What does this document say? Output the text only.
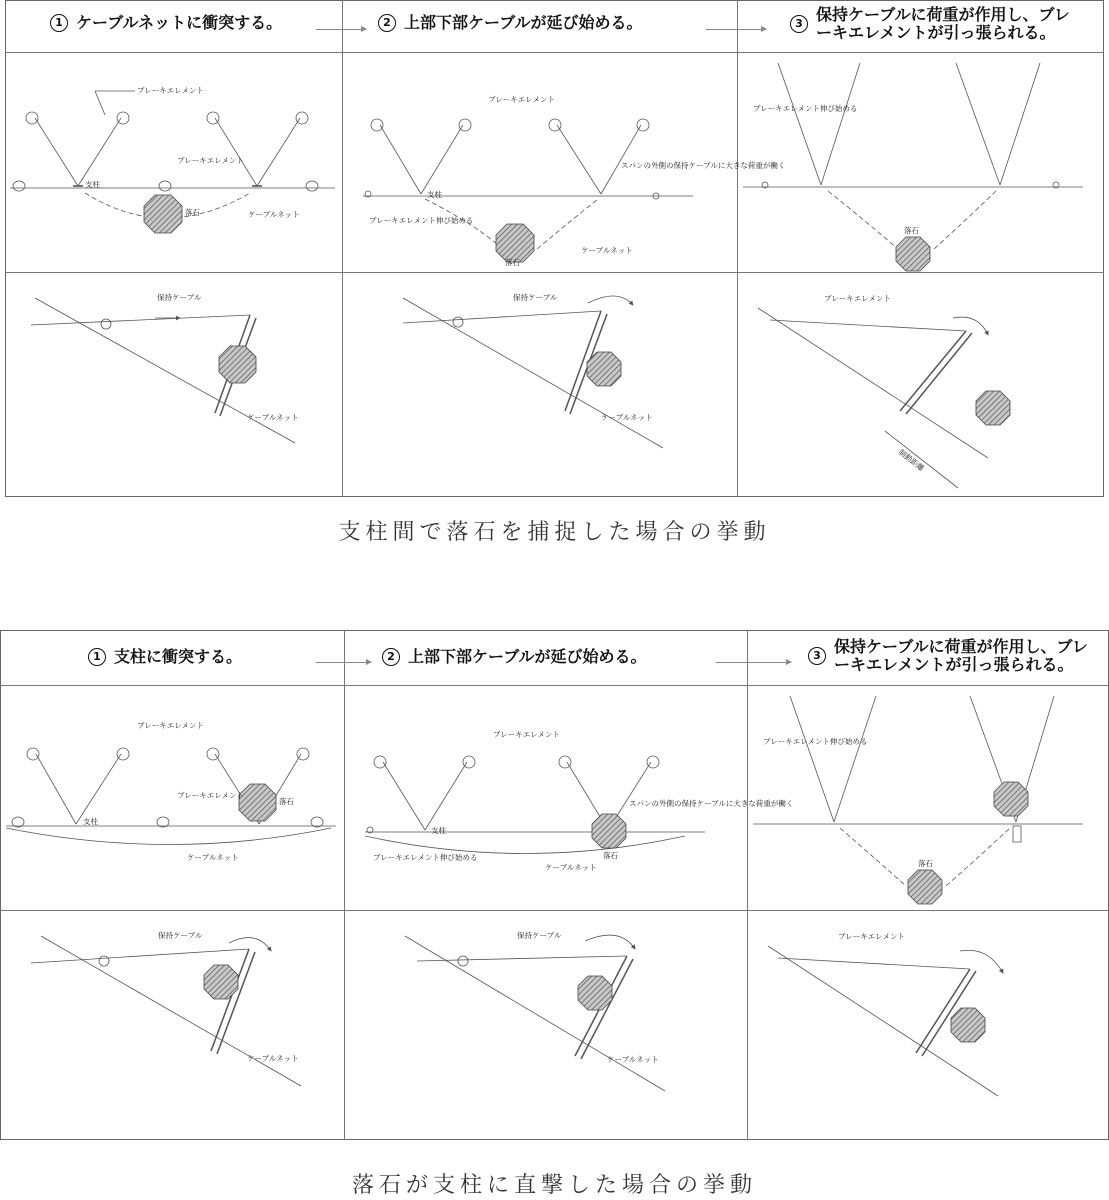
1 ケーブルネットに衝突する。	2 上部下部ケーブルが延び始める。	3 保持ケーブルに荷重が作用し、ブレーキエレメントが引っ張られる。
ブレーキエレメント
ブレーキエレメント
支柱
落石	ケーブルネット
ブレーキエレメント
スパンの外側の保持ケーブルに大きな荷重が働く
支柱
ブレーキエレメント伸び始める
落石
ケーブルネット
ブレーキエレメント伸び始める
落石
保持ケーブル
ケーブルネット
保持ケーブル
ケーブルネット
ブレーキエレメント
制動距離
支柱間で落石を捕捉した場合の挙動
1 支柱に衝突する。	2 上部下部ケーブルが延び始める。	3 保持ケーブルに荷重が作用し、ブレーキエレメントが引っ張られる。
ブレーキエレメント
ブレーキエレメント
支柱
落石
ケーブルネット
ブレーキエレメント
スパンの外側の保持ケーブルに大きな荷重が働く
支柱
ブレーキエレメント伸び始める	落石
ケーブルネット
ブレーキエレメント伸び始める
落石
保持ケーブル
ケーブルネット
保持ケーブル
ケーブルネット
ブレーキエレメント
落石が支柱に直撃した場合の挙動
